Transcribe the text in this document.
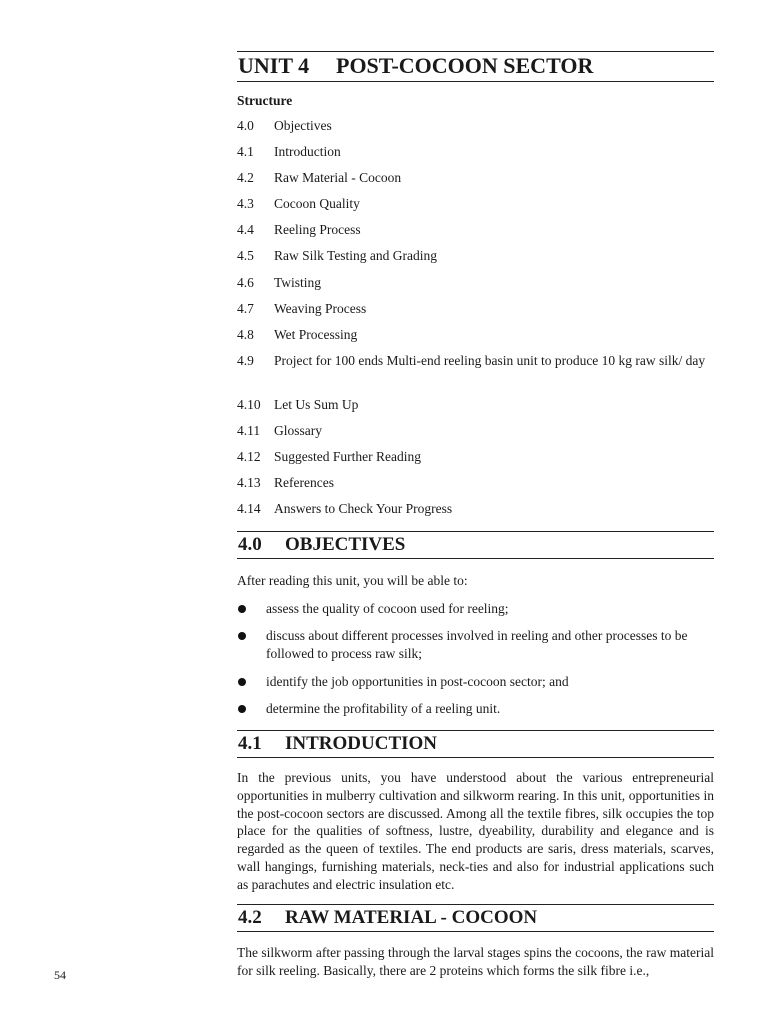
UNIT 4 POST-COCOON SECTOR
Structure
4.0 Objectives
4.1 Introduction
4.2 Raw Material - Cocoon
4.3 Cocoon Quality
4.4 Reeling Process
4.5 Raw Silk Testing and Grading
4.6 Twisting
4.7 Weaving Process
4.8 Wet Processing
4.9 Project for 100 ends Multi-end reeling basin unit to produce 10 kg raw silk/ day
4.10 Let Us Sum Up
4.11 Glossary
4.12 Suggested Further Reading
4.13 References
4.14 Answers to Check Your Progress
4.0 OBJECTIVES

After reading this unit, you will be able to:

assess the quality of cocoon used for reeling;
discuss about different processes involved in reeling and other processes to be followed to process raw silk;
identify the job opportunities in post-cocoon sector; and
determine the profitability of a reeling unit.
4.1 INTRODUCTION

In the previous units, you have understood about the various entrepreneurial opportunities in mulberry cultivation and silkworm rearing. In this unit, opportunities in the post-cocoon sectors are discussed. Among all the textile fibres, silk occupies the top place for the qualities of softness, lustre, dyeability, durability and elegance and is regarded as the queen of textiles. The end products are saris, dress materials, scarves, wall hangings, furnishing materials, neck-ties and also for industrial applications such as parachutes and electric insulation etc.

4.2 RAW MATERIAL - COCOON

The silkworm after passing through the larval stages spins the cocoons, the raw material for silk reeling. Basically, there are 2 proteins which forms the silk fibre i.e.,

54
